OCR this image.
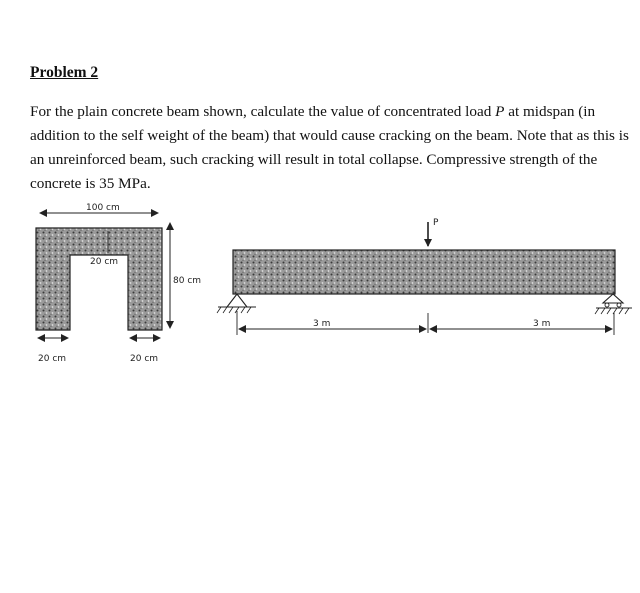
Problem 2
For the plain concrete beam shown, calculate the value of concentrated load P at midspan (in addition to the self weight of the beam) that would cause cracking on the beam. Note that as this is an unreinforced beam, such cracking will result in total collapse. Compressive strength of the concrete is 35 MPa.
100 cm
20 cm
80 cm
20 cm	20 cm
P
3 m	3 m
